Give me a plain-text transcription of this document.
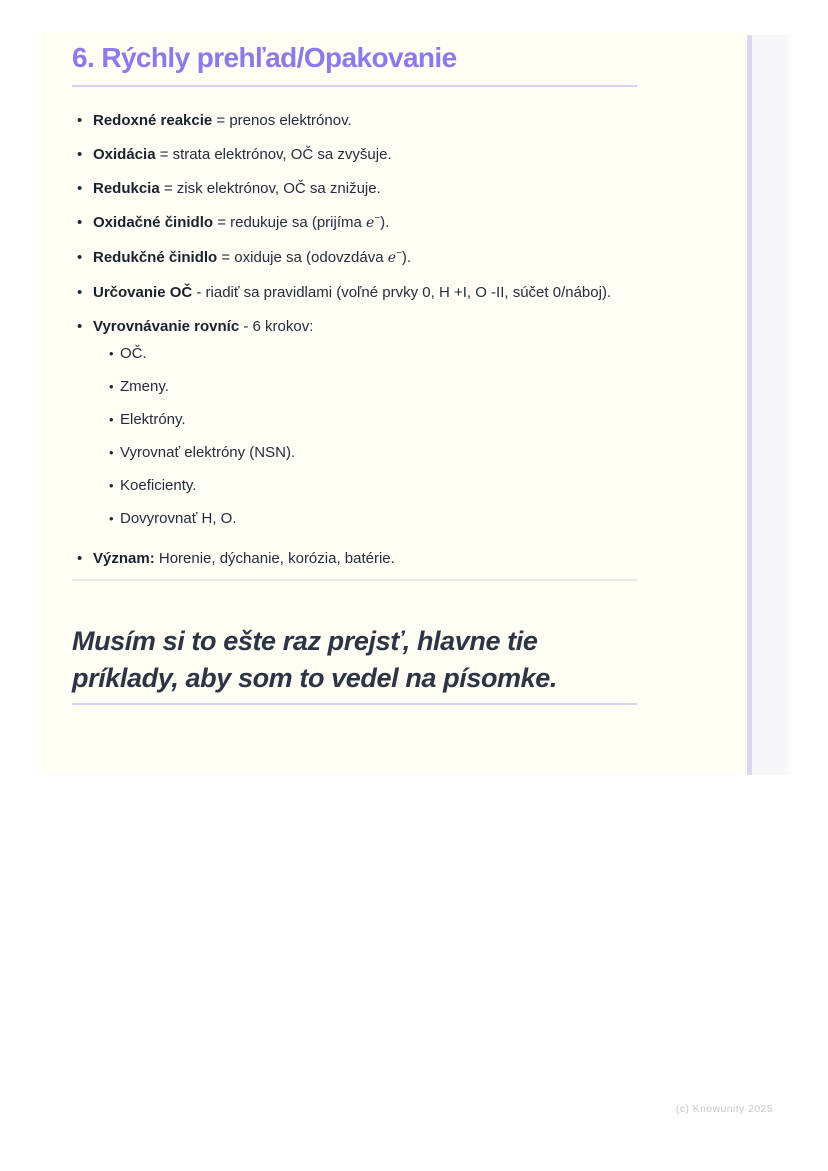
6. Rýchly prehľad/Opakovanie
• Redoxné reakcie = prenos elektrónov.
• Oxidácia = strata elektrónov, OČ sa zvyšuje.
• Redukcia = zisk elektrónov, OČ sa znižuje.
• Oxidačné činidlo = redukuje sa (prijíma e−).
• Redukčné činidlo = oxiduje sa (odovzdáva e−).
• Určovanie OČ - riadiť sa pravidlami (voľné prvky 0, H +I, O -II, súčet 0/náboj).
• Vyrovnávanie rovníc - 6 krokov:
• OČ.
• Zmeny.
• Elektróny.
• Vyrovnať elektróny (NSN).
• Koeficienty.
• Dovyrovnať H, O.
• Význam: Horenie, dýchanie, korózia, batérie.

Musím si to ešte raz prejsť, hlavne tie príklady, aby som to vedel na písomke.

(c) Knowunity 2025
